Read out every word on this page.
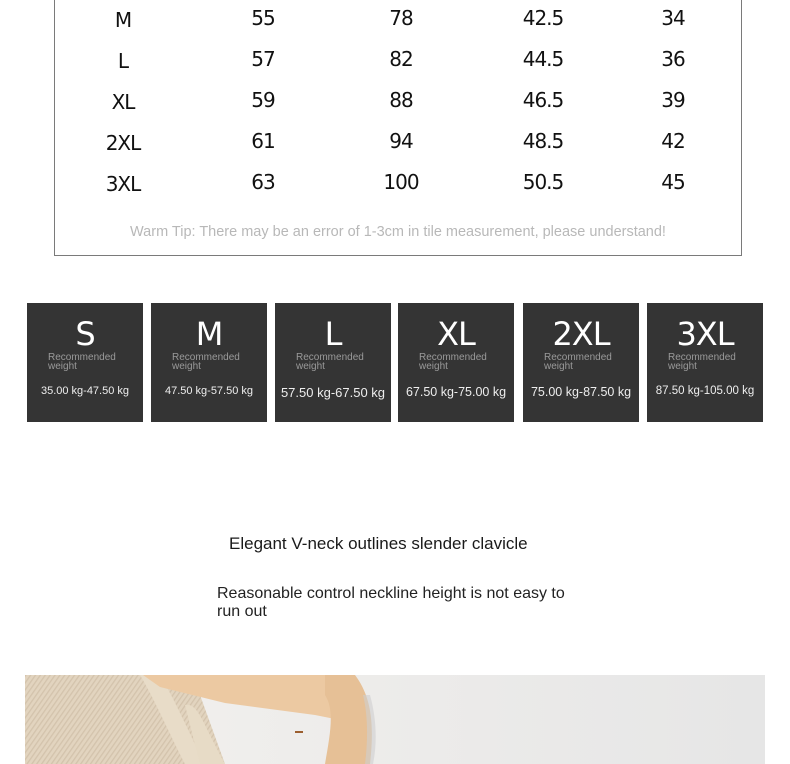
M	55	78	42.5	34
L	57	82	44.5	36
XL	59	88	46.5	39
2XL	61	94	48.5	42
3XL	63	100	50.5	45
Warm Tip: There may be an error of 1-3cm in tile measurement, please understand!
S
Recommended weight
35.00 kg-47.50 kg
M
Recommended weight
47.50 kg-57.50 kg
L
Recommended weight
57.50 kg-67.50 kg
XL
Recommended weight
67.50 kg-75.00 kg
2XL
Recommended weight
75.00 kg-87.50 kg
3XL
Recommended weight
87.50 kg-105.00 kg
Elegant V-neck outlines slender clavicle
Reasonable control neckline height is not easy to run out
